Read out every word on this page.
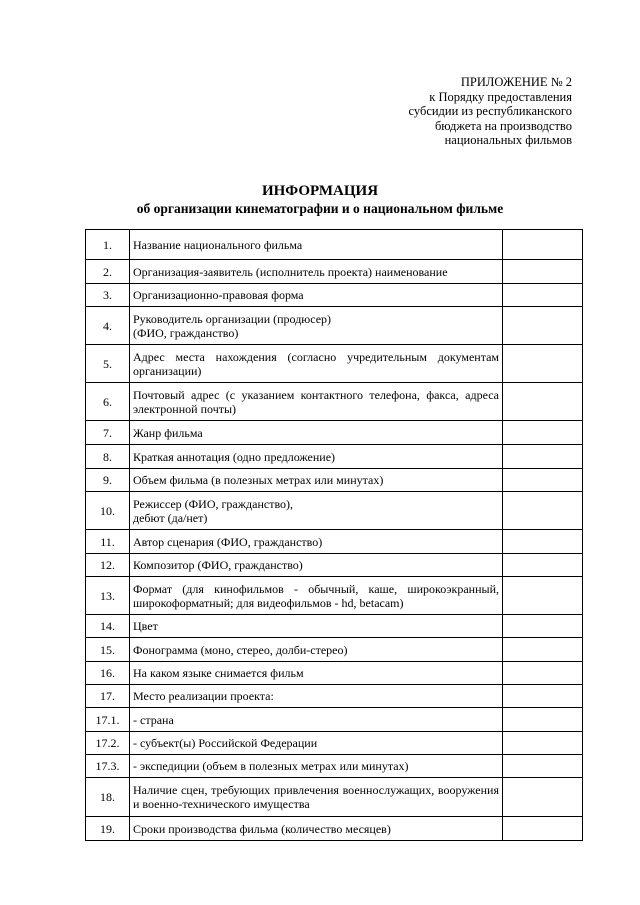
ПРИЛОЖЕНИЕ № 2
к Порядку предоставления
субсидии из республиканского
бюджета на производство
национальных фильмов
ИНФОРМАЦИЯ
об организации кинематографии и о национальном фильме
1.	Название национального фильма	
2.	Организация-заявитель (исполнитель проекта) наименование	
3.	Организационно-правовая форма	
4.	Руководитель организации (продюсер)
(ФИО, гражданство)	
5.	Адрес места нахождения (согласно учредительным документам организации)	
6.	Почтовый адрес (с указанием контактного телефона, факса, адреса электронной почты)	
7.	Жанр фильма	
8.	Краткая аннотация (одно предложение)	
9.	Объем фильма (в полезных метрах или минутах)	
10.	Режиссер (ФИО, гражданство),
дебют (да/нет)	
11.	Автор сценария (ФИО, гражданство)	
12.	Композитор (ФИО, гражданство)	
13.	Формат (для кинофильмов - обычный, каше, широкоэкранный, широкоформатный; для видеофильмов - hd, betacam)	
14.	Цвет	
15.	Фонограмма (моно, стерео, долби-стерео)	
16.	На каком языке снимается фильм	
17.	Место реализации проекта:	
17.1.	- страна	
17.2.	- субъект(ы) Российской Федерации	
17.3.	- экспедиции (объем в полезных метрах или минутах)	
18.	Наличие сцен, требующих привлечения военнослужащих, вооружения и военно-технического имущества	
19.	Сроки производства фильма (количество месяцев)	
